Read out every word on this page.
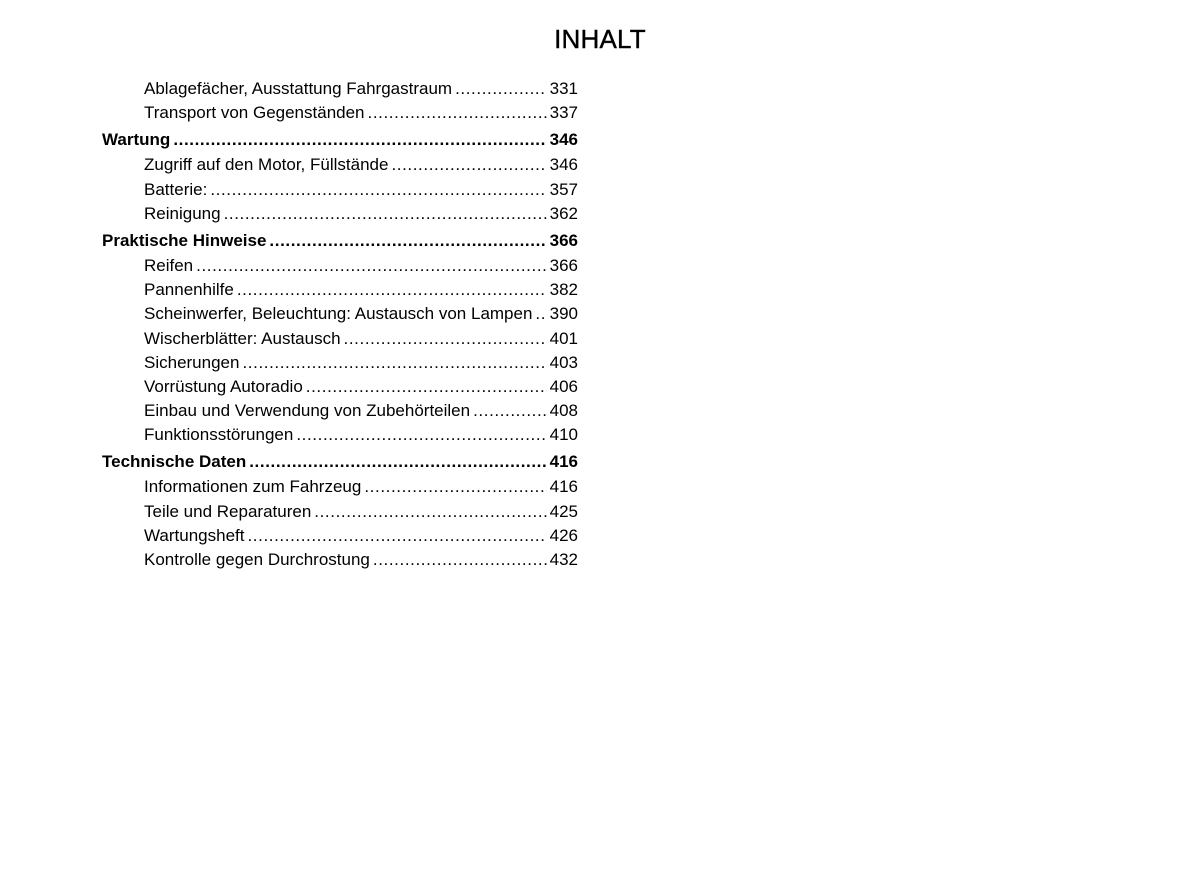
INHALT
Ablagefächer, Ausstattung Fahrgastraum .....	331
Transport von Gegenständen .....	337
Wartung .....	346
Zugriff auf den Motor, Füllstände .....	346
Batterie: .....	357
Reinigung .....	362
Praktische Hinweise .....	366
Reifen .....	366
Pannenhilfe .....	382
Scheinwerfer, Beleuchtung: Austausch von Lampen ..... 390
Wischerblätter: Austausch .....	401
Sicherungen .....	403
Vorrüstung Autoradio .....	406
Einbau und Verwendung von Zubehörteilen .....	408
Funktionsstörungen .....	410
Technische Daten .....	416
Informationen zum Fahrzeug .....	416
Teile und Reparaturen .....	425
Wartungsheft .....	426
Kontrolle gegen Durchrostung .....	432
